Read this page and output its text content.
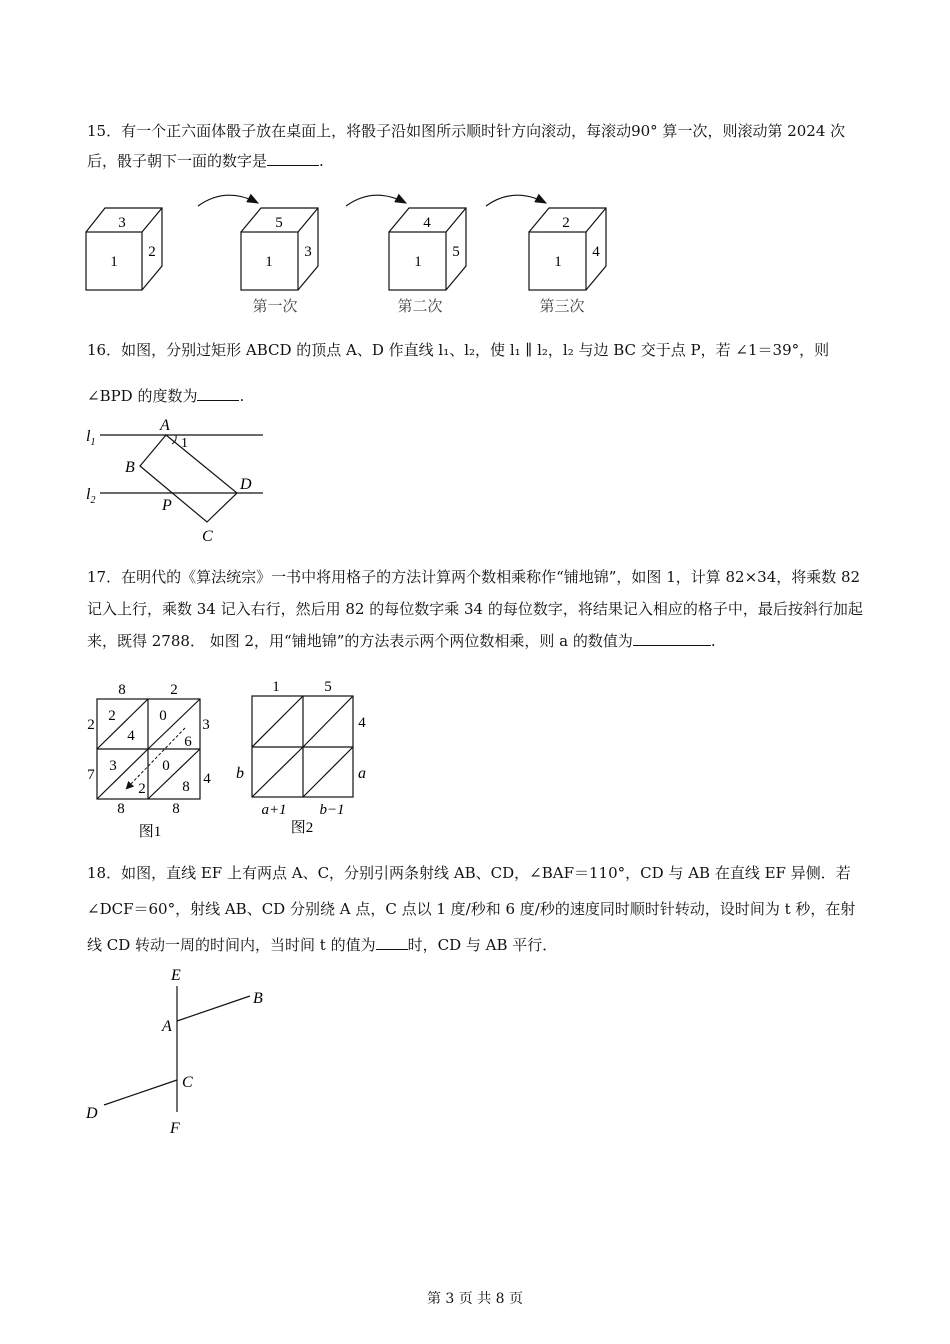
15．有一个正六面体骰子放在桌面上，将骰子沿如图所示顺时针方向滚动，每滚动90° 算一次，则滚动第 2024 次后，骰子朝下一面的数字是	.

3
1
2
5
1
3
第一次
4
1
5
第二次
2
1
4
第三次

16．如图，分别过矩形 ABCD 的顶点 A、D 作直线 l₁、l₂，使 l₁ ∥ l₂，l₂ 与边 BC 交于点 P，若 ∠1＝39°，则 ∠BPD 的度数为	.

$l_1$
$l_2$
A
1
B
D
P
C

17．在明代的《算法统宗》一书中将用格子的方法计算两个数相乘称作“铺地锦”，如图 1，计算 82×34，将乘数 82 记入上行，乘数 34 记入右行，然后用 82 的每位数字乘 34 的每位数字，将结果记入相应的格子中，最后按斜行加起来，既得 2788． 如图 2，用“铺地锦”的方法表示两个两位数相乘，则 a 的数值为	.

8	2
2
7
3
4
2
4
0
6
3
2
0
8
8	8
图1
1	5
4
a
b
a+1 b−1
图2

18．如图，直线 EF 上有两点 A、C，分别引两条射线 AB、CD，∠BAF＝110°，CD 与 AB 在直线 EF 异侧．若 ∠DCF＝60°，射线 AB、CD 分别绕 A 点，C 点以 1 度/秒和 6 度/秒的速度同时顺时针转动，设时间为 t 秒，在射线 CD 转动一周的时间内，当时间 t 的值为 时，CD 与 AB 平行．

E
A
B
C
D
F
第 3 页 共 8 页
